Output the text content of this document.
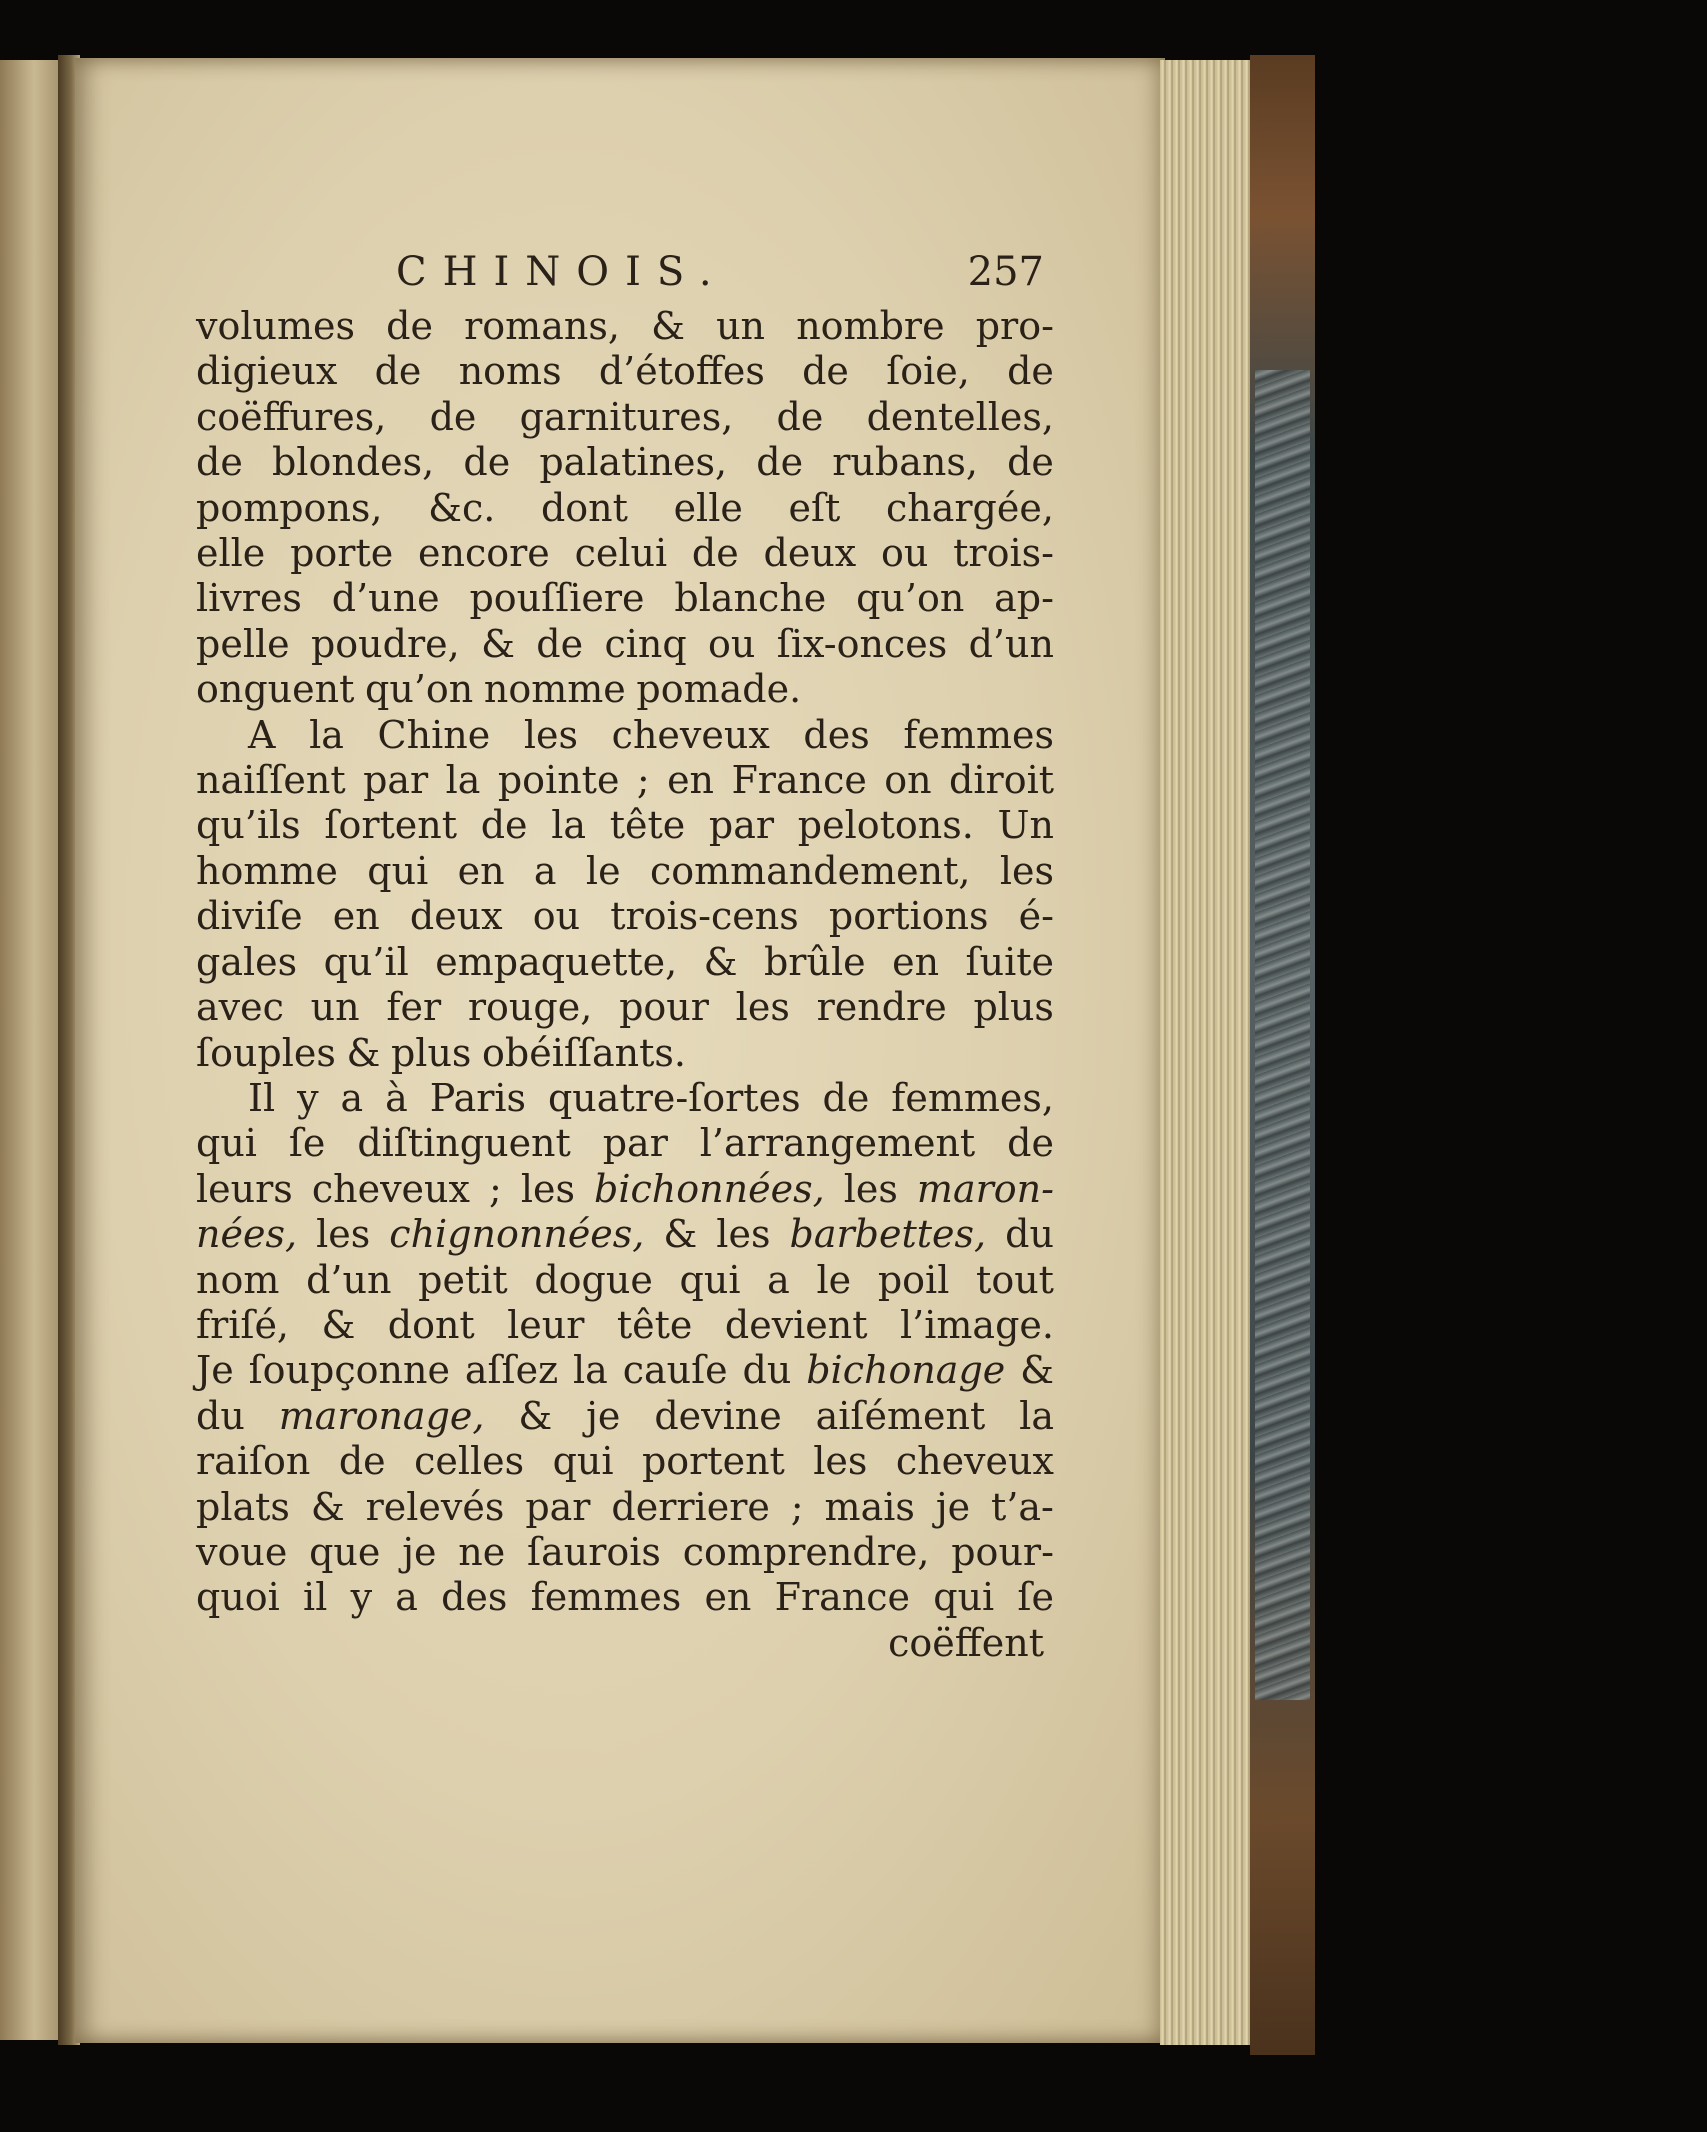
CHINOIS.	257
volumes de romans, & un nombre pro-
digieux de noms d’étoffes de ſoie, de
coëffures, de garnitures, de dentelles,
de blondes, de palatines, de rubans, de
pompons, &c. dont elle eſt chargée,
elle porte encore celui de deux ou trois-
livres d’une pouſſiere blanche qu’on ap-
pelle poudre, & de cinq ou ſix-onces d’un
onguent qu’on nomme pomade.
A la Chine les cheveux des femmes
naiſſent par la pointe ; en France on diroit
qu’ils ſortent de la tête par pelotons. Un
homme qui en a le commandement, les
diviſe en deux ou trois-cens portions é-
gales qu’il empaquette, & brûle en ſuite
avec un fer rouge, pour les rendre plus
ſouples & plus obéiſſants.
Il y a à Paris quatre-ſortes de femmes,
qui ſe diſtinguent par l’arrangement de
leurs cheveux ; les bichonnées, les maron-
nées, les chignonnées, & les barbettes, du
nom d’un petit dogue qui a le poil tout
friſé, & dont leur tête devient l’image.
Je ſoupçonne aſſez la cauſe du bichonage &
du maronage, & je devine aiſément la
raiſon de celles qui portent les cheveux
plats & relevés par derriere ; mais je t’a-
voue que je ne ſaurois comprendre, pour-
quoi il y a des femmes en France qui ſe
coëffent
